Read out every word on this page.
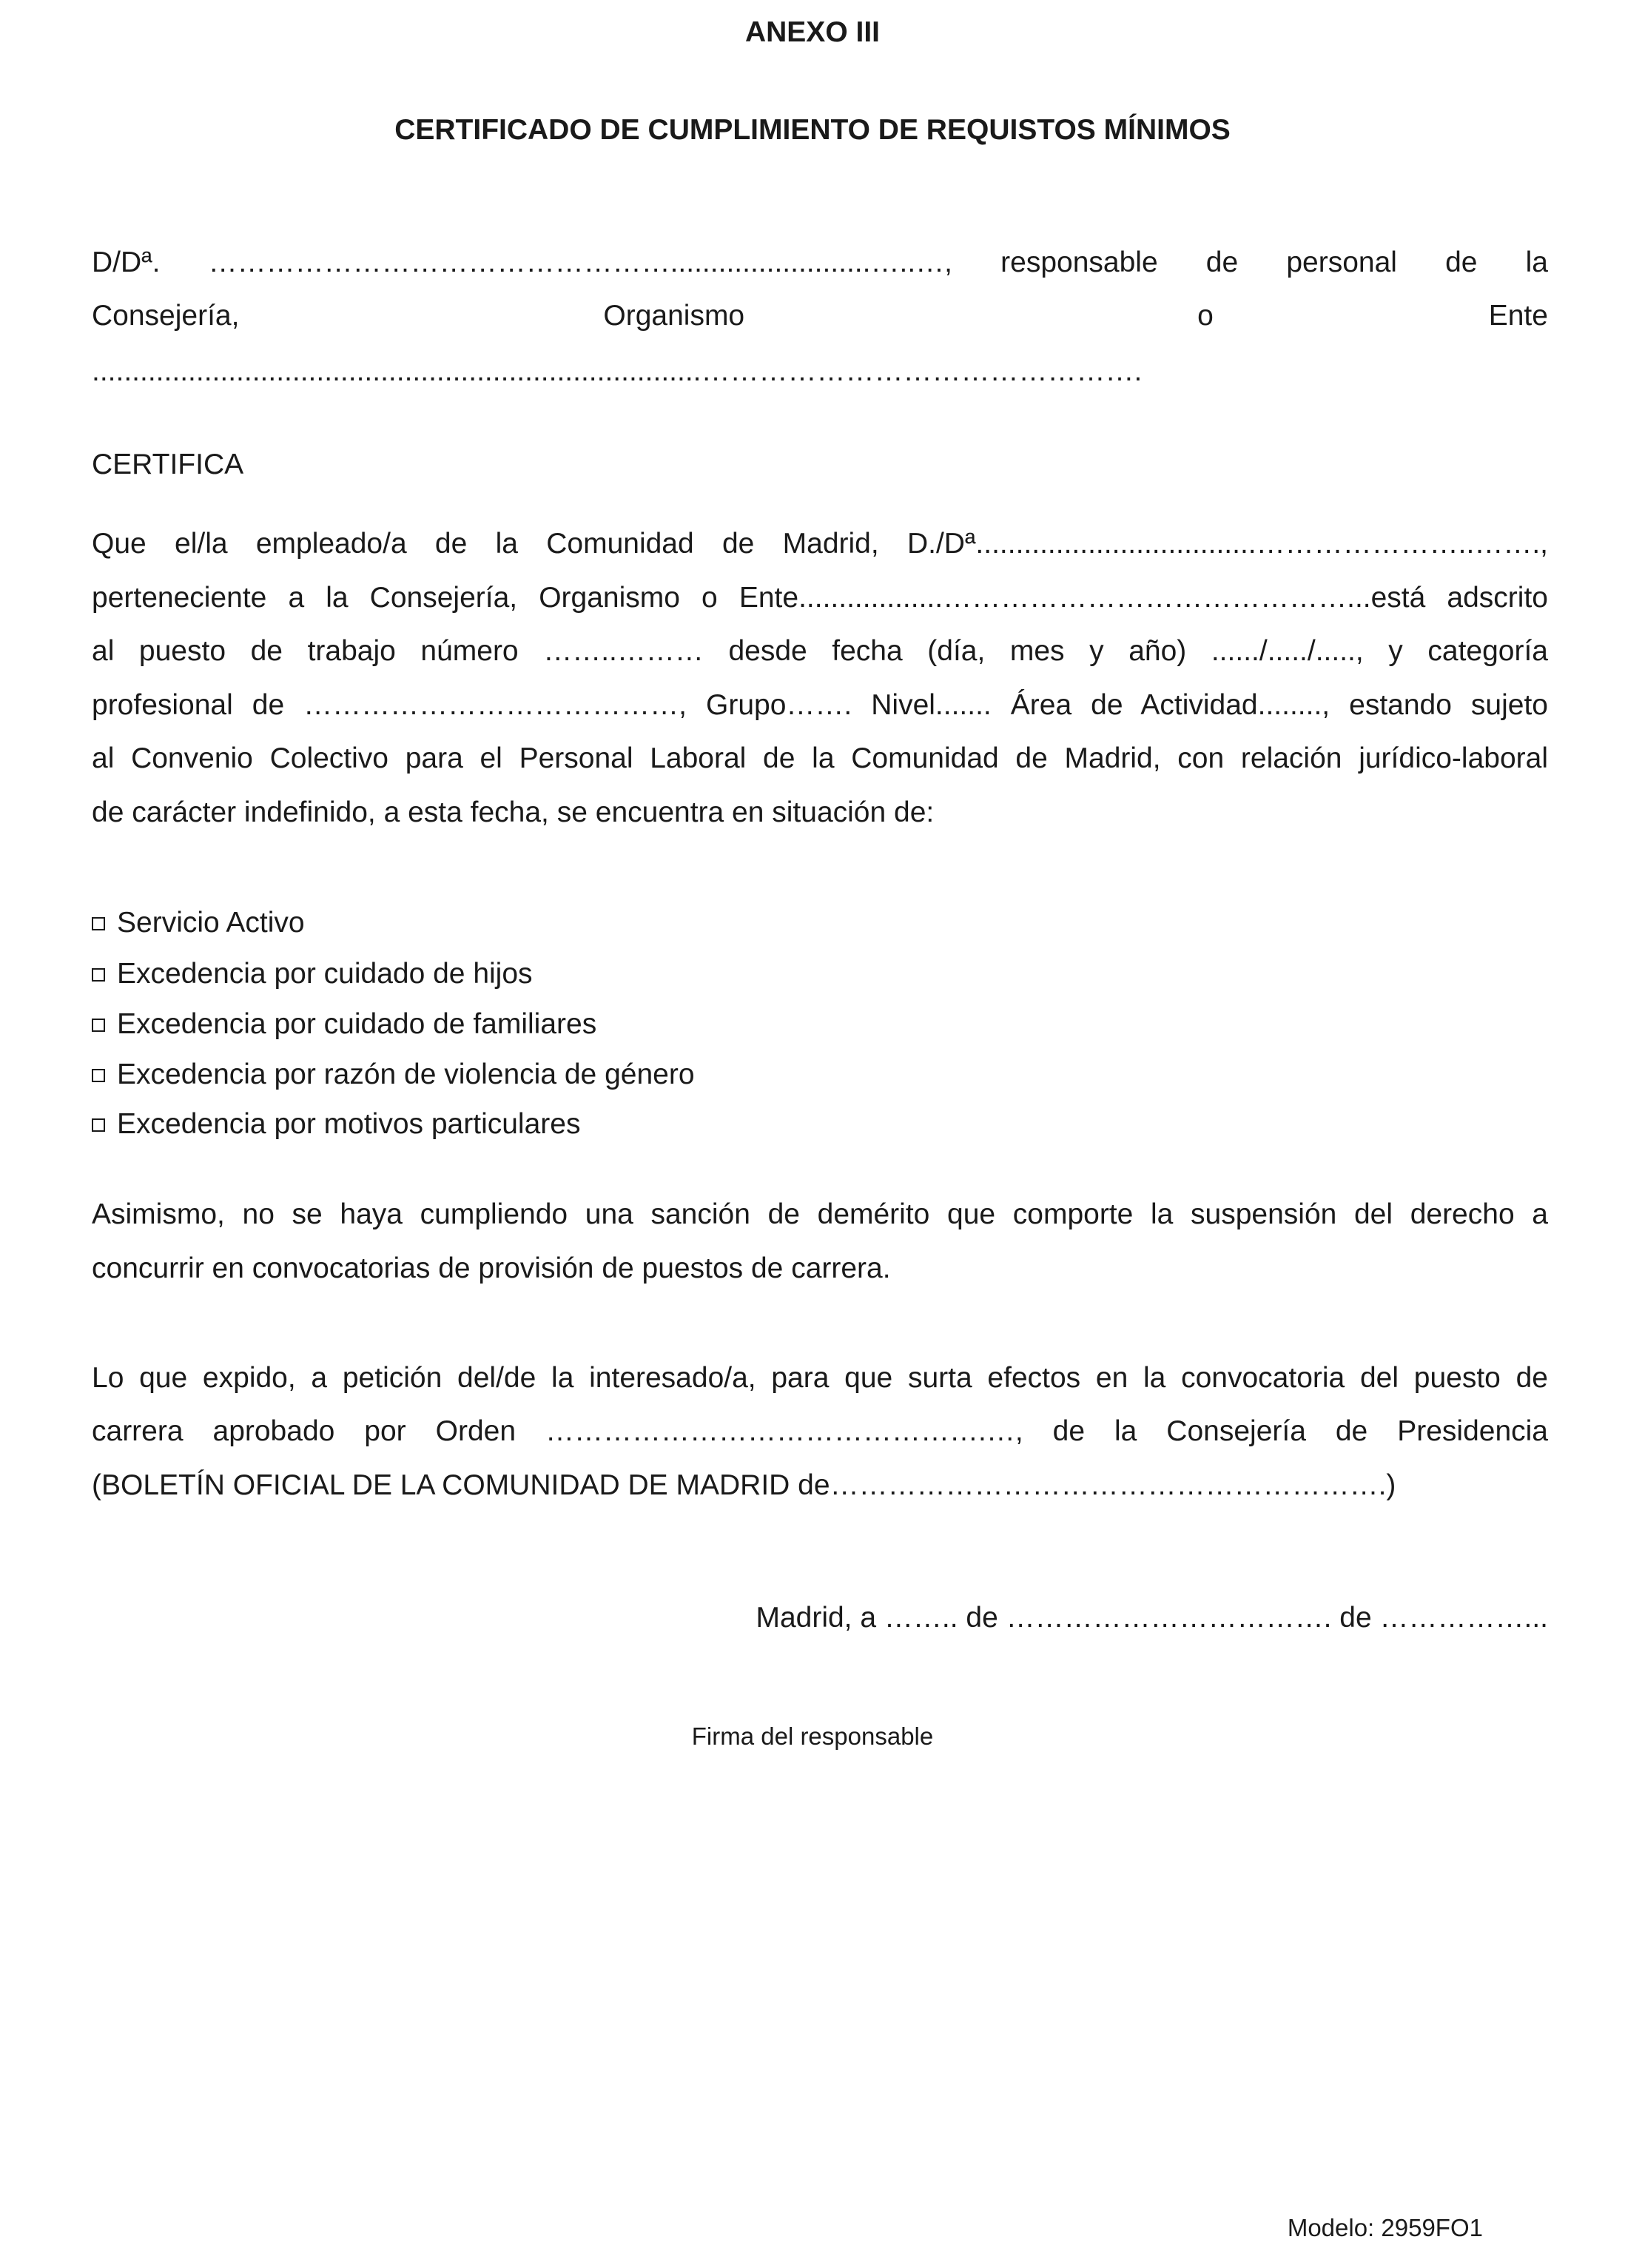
ANEXO III
CERTIFICADO DE CUMPLIMIENTO DE REQUISTOS MÍNIMOS
D/Dª. ………………………………………….........................…..…, responsable de personal de la
Consejería,	Organismo	o	Ente
............................................................................……………………………………….
CERTIFICA
Que el/la empleado/a de la Comunidad de Madrid, D./Dª...................................…………………..…….,
perteneciente a la Consejería, Organismo o Ente..................……………………………………...está adscrito
al puesto de trabajo número ……..……… desde fecha (día, mes y año) ....../...../....., y categoría
profesional de …………………………………, Grupo……. Nivel....... Área de Actividad........, estando sujeto
al Convenio Colectivo para el Personal Laboral de la Comunidad de Madrid, con relación jurídico-laboral
de carácter indefinido, a esta fecha, se encuentra en situación de:
Servicio Activo
Excedencia por cuidado de hijos
Excedencia por cuidado de familiares
Excedencia por razón de violencia de género
Excedencia por motivos particulares
Asimismo, no se haya cumpliendo una sanción de demérito que comporte la suspensión del derecho a
concurrir en convocatorias de provisión de puestos de carrera.
Lo que expido, a petición del/de la interesado/a, para que surta efectos en la convocatoria del puesto de
carrera aprobado por Orden ……………………………………….…, de la Consejería de Presidencia
(BOLETÍN OFICIAL DE LA COMUNIDAD DE MADRID de………………………………………………….)
Madrid, a …….. de ……………………………. de ……………...
Firma del responsable
Modelo: 2959FO1
